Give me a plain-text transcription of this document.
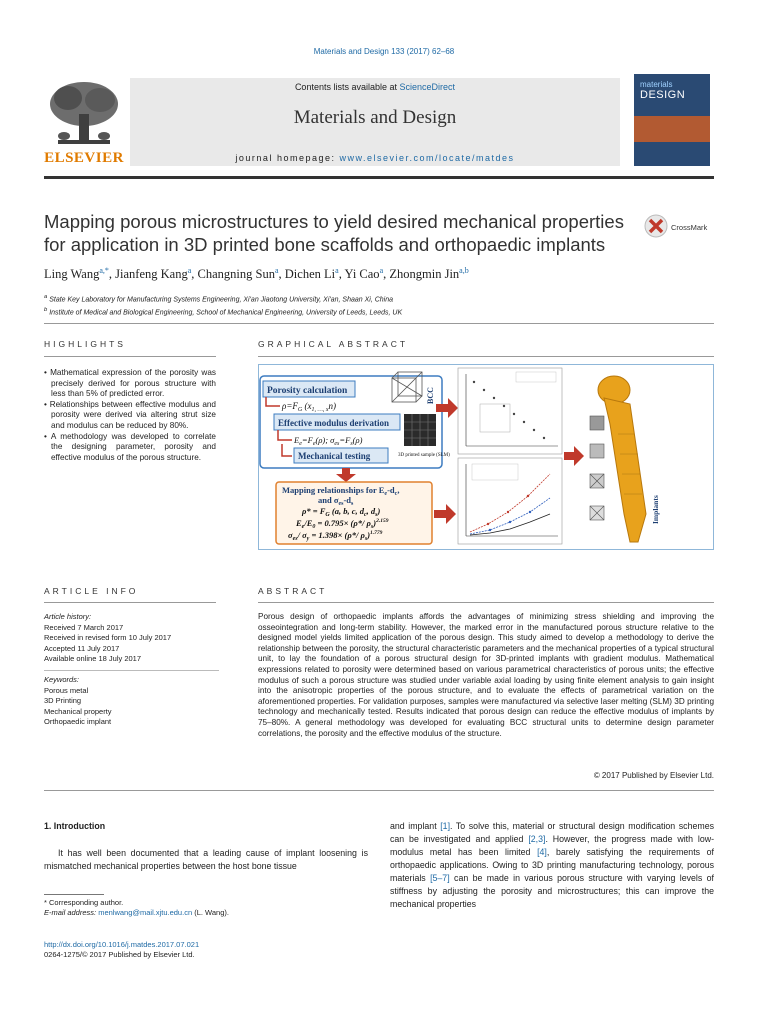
Materials and Design 133 (2017) 62–68
ELSEVIER
Contents lists available at ScienceDirect
Materials and Design
journal homepage: www.elsevier.com/locate/matdes
materials
DESIGN
Mapping porous microstructures to yield desired mechanical properties for application in 3D printed bone scaffolds and orthopaedic implants
CrossMark
Ling Wang$^{a,*}$, Jianfeng Kang$^a$, Changning Sun$^a$, Dichen Li$^a$, Yi Cao$^a$, Zhongmin Jin$^{a,b}$
$^a$ State Key Laboratory for Manufacturing Systems Engineering, Xi'an Jiaotong University, Xi'an, Shaan Xi, China
$^b$ Institute of Medical and Biological Engineering, School of Mechanical Engineering, University of Leeds, Leeds, UK
HIGHLIGHTS
• Mathematical expression of the porosity was precisely derived for porous structure with less than 5% of predicted error.
• Relationships between effective modulus and porosity were derived via altering strut size and modulus can be reduced by 80%.
• A methodology was developed to correlate the designing parameter, porosity and effective modulus of the porous structure.
GRAPHICAL ABSTRACT
Porosity calculation
$\rho=F_G$ $(x_{1, \dots, x}n)$
Effective modulus derivation
$E_e=F_e(\rho)$; $\sigma_{es}=F_s(\rho)$
Mechanical testing
BCC
3D printed sample (SLM)
Mapping relationships for $E_e-d_c$,
and $\sigma_{es}-d_s$
$\rho* = F_G$ (a, b, c, $d_c$, $d_s$)
$E_e/E_0 = 0.795\times (\rho*/$ $\rho_s)^{2.159}$
$\sigma_{es}/$ $\sigma_y = 1.398\times (\rho*/$ $\rho_s)^{1.779}$
Implants
ARTICLE INFO
Article history:
Received 7 March 2017
Received in revised form 10 July 2017
Accepted 11 July 2017
Available online 18 July 2017
Keywords:
Porous metal
3D Printing
Mechanical property
Orthopaedic implant
ABSTRACT
Porous design of orthopaedic implants affords the advantages of minimizing stress shielding and improving the osseointegration and long-term stability. However, the marked error in the manufactured porous structure relative to the designed model yields limited application of the porous design. This study aimed to develop a methodology to derive the relationship between the porosity, the structural characteristic parameters and the mechanical properties of a typical structural unit, to lay the foundation of a porous structural design for 3D-printed implants with gradient modulus. Mathematical expressions related to porosity were determined based on various parametrical characteristics of porous units; the effective modulus of such a porous structure was studied under variable axial loading by using finite element analysis to gain insight into the anisotropic properties of the porous structure, and to evaluate the effects of parametrical variation on the aforementioned properties. For validation purposes, samples were manufactured via selective laser melting (SLM) 3D printing technology and mechanically tested. Results indicated that porous design can reduce the effective modulus of implants by 75–80%. A general methodology was developed for evaluating BCC structural units to determine design parameter correlations, the porosity and the effective modulus of the structure.
© 2017 Published by Elsevier Ltd.
1. Introduction
It has well been documented that a leading cause of implant loosening is mismatched mechanical properties between the host bone tissue
* Corresponding author.
E-mail address: menlwang@mail.xjtu.edu.cn (L. Wang).
http://dx.doi.org/10.1016/j.matdes.2017.07.021
0264-1275/© 2017 Published by Elsevier Ltd.
and implant [1]. To solve this, material or structural design modification schemes can be investigated and applied [2,3]. However, the progress made with low-modulus metal has been limited [4], barely satisfying the requirements of orthopaedic applications. Owing to 3D printing manufacturing technology, porous materials [5–7] can be made in various porous structure with varying levels of stiffness by adjusting the porosity and microstructures; this can improve the mechanical properties
